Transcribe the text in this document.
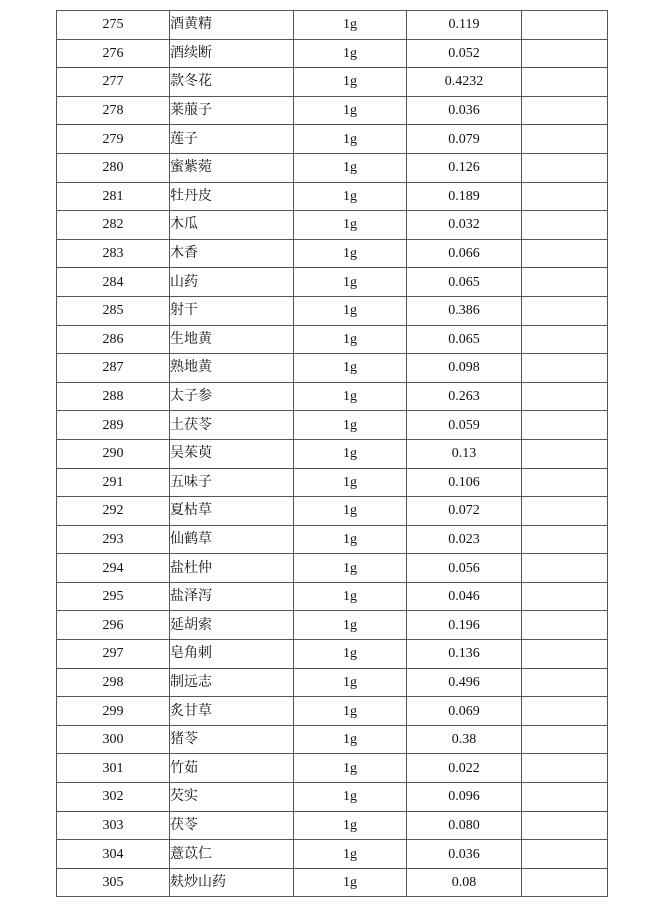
275	酒黄精	1g	0.119	
276	酒续断	1g	0.052	
277	款冬花	1g	0.4232	
278	莱菔子	1g	0.036	
279	莲子	1g	0.079	
280	蜜紫菀	1g	0.126	
281	牡丹皮	1g	0.189	
282	木瓜	1g	0.032	
283	木香	1g	0.066	
284	山药	1g	0.065	
285	射干	1g	0.386	
286	生地黄	1g	0.065	
287	熟地黄	1g	0.098	
288	太子参	1g	0.263	
289	土茯苓	1g	0.059	
290	吴茱萸	1g	0.13	
291	五味子	1g	0.106	
292	夏枯草	1g	0.072	
293	仙鹤草	1g	0.023	
294	盐杜仲	1g	0.056	
295	盐泽泻	1g	0.046	
296	延胡索	1g	0.196	
297	皂角刺	1g	0.136	
298	制远志	1g	0.496	
299	炙甘草	1g	0.069	
300	猪苓	1g	0.38	
301	竹茹	1g	0.022	
302	芡实	1g	0.096	
303	茯苓	1g	0.080	
304	薏苡仁	1g	0.036	
305	麸炒山药	1g	0.08	
